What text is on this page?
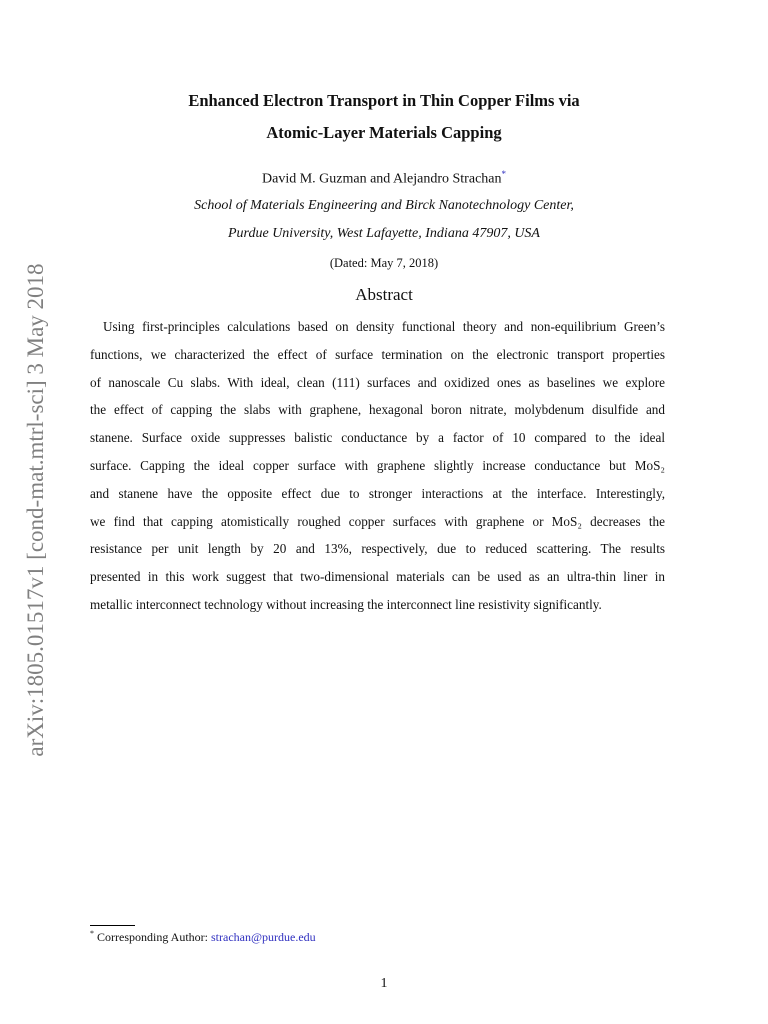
arXiv:1805.01517v1 [cond-mat.mtrl-sci] 3 May 2018
Enhanced Electron Transport in Thin Copper Films via
Atomic-Layer Materials Capping
David M. Guzman and Alejandro Strachan*
School of Materials Engineering and Birck Nanotechnology Center,
Purdue University, West Lafayette, Indiana 47907, USA
(Dated: May 7, 2018)
Abstract
Using first-principles calculations based on density functional theory and non-equilibrium Green’s
functions, we characterized the effect of surface termination on the electronic transport properties
of nanoscale Cu slabs. With ideal, clean (111) surfaces and oxidized ones as baselines we explore
the effect of capping the slabs with graphene, hexagonal boron nitrate, molybdenum disulfide and
stanene. Surface oxide suppresses balistic conductance by a factor of 10 compared to the ideal
surface. Capping the ideal copper surface with graphene slightly increase conductance but MoS₂
and stanene have the opposite effect due to stronger interactions at the interface. Interestingly,
we find that capping atomistically roughed copper surfaces with graphene or MoS₂ decreases the
resistance per unit length by 20 and 13%, respectively, due to reduced scattering. The results
presented in this work suggest that two-dimensional materials can be used as an ultra-thin liner in
metallic interconnect technology without increasing the interconnect line resistivity significantly.
* Corresponding Author: strachan@purdue.edu
1
